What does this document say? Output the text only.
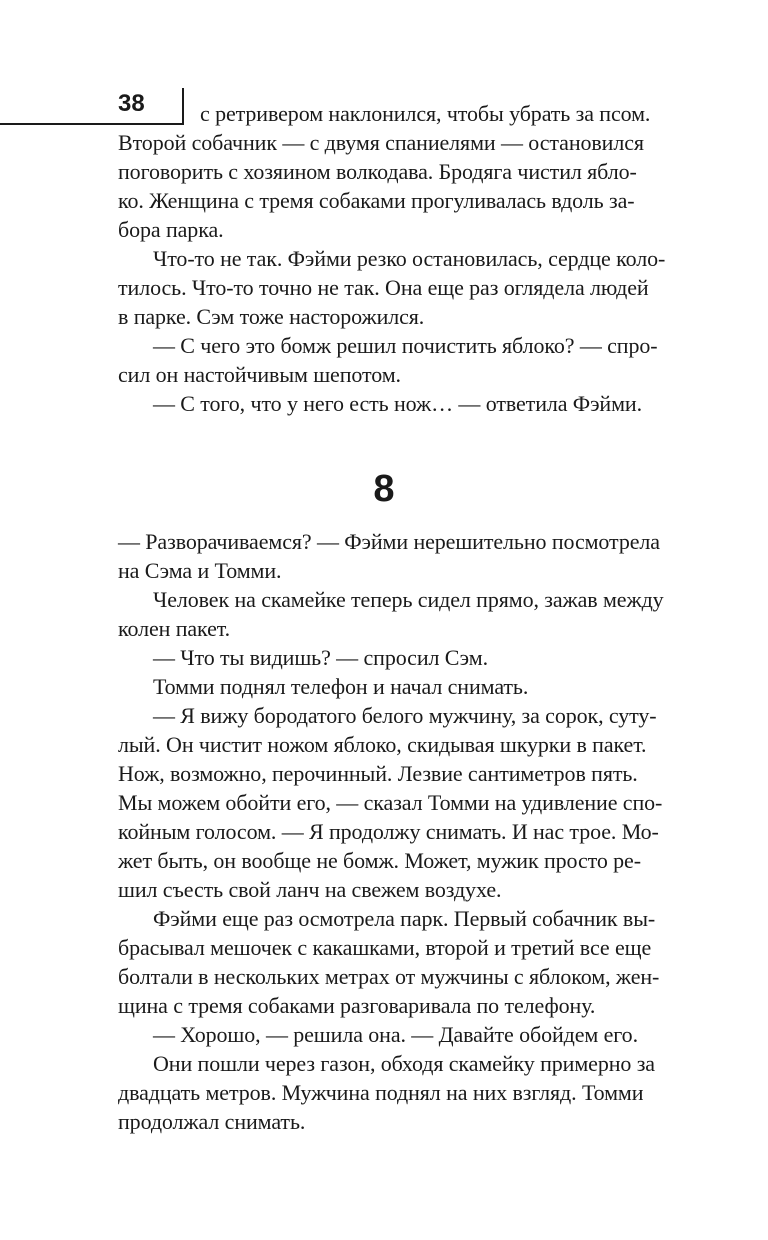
38	с ретривером наклонился, чтобы убрать за псом.
Второй собачник — с двумя спаниелями — остановился
поговорить с хозяином волкодава. Бродяга чистил ябло-
ко. Женщина с тремя собаками прогуливалась вдоль за-
бора парка.
Что-то не так. Фэйми резко остановилась, сердце коло-
тилось. Что-то точно не так. Она еще раз оглядела людей
в парке. Сэм тоже насторожился.
— С чего это бомж решил почистить яблоко? — спро-
сил он настойчивым шепотом.
— С того, что у него есть нож… — ответила Фэйми.
8
— Разворачиваемся? — Фэйми нерешительно посмотрела
на Сэма и Томми.
Человек на скамейке теперь сидел прямо, зажав между
колен пакет.
— Что ты видишь? — спросил Сэм.
Томми поднял телефон и начал снимать.
— Я вижу бородатого белого мужчину, за сорок, суту-
лый. Он чистит ножом яблоко, скидывая шкурки в пакет.
Нож, возможно, перочинный. Лезвие сантиметров пять.
Мы можем обойти его, — сказал Томми на удивление спо-
койным голосом. — Я продолжу снимать. И нас трое. Мо-
жет быть, он вообще не бомж. Может, мужик просто ре-
шил съесть свой ланч на свежем воздухе.
Фэйми еще раз осмотрела парк. Первый собачник вы-
брасывал мешочек с какашками, второй и третий все еще
болтали в нескольких метрах от мужчины с яблоком, жен-
щина с тремя собаками разговаривала по телефону.
— Хорошо, — решила она. — Давайте обойдем его.
Они пошли через газон, обходя скамейку примерно за
двадцать метров. Мужчина поднял на них взгляд. Томми
продолжал снимать.
